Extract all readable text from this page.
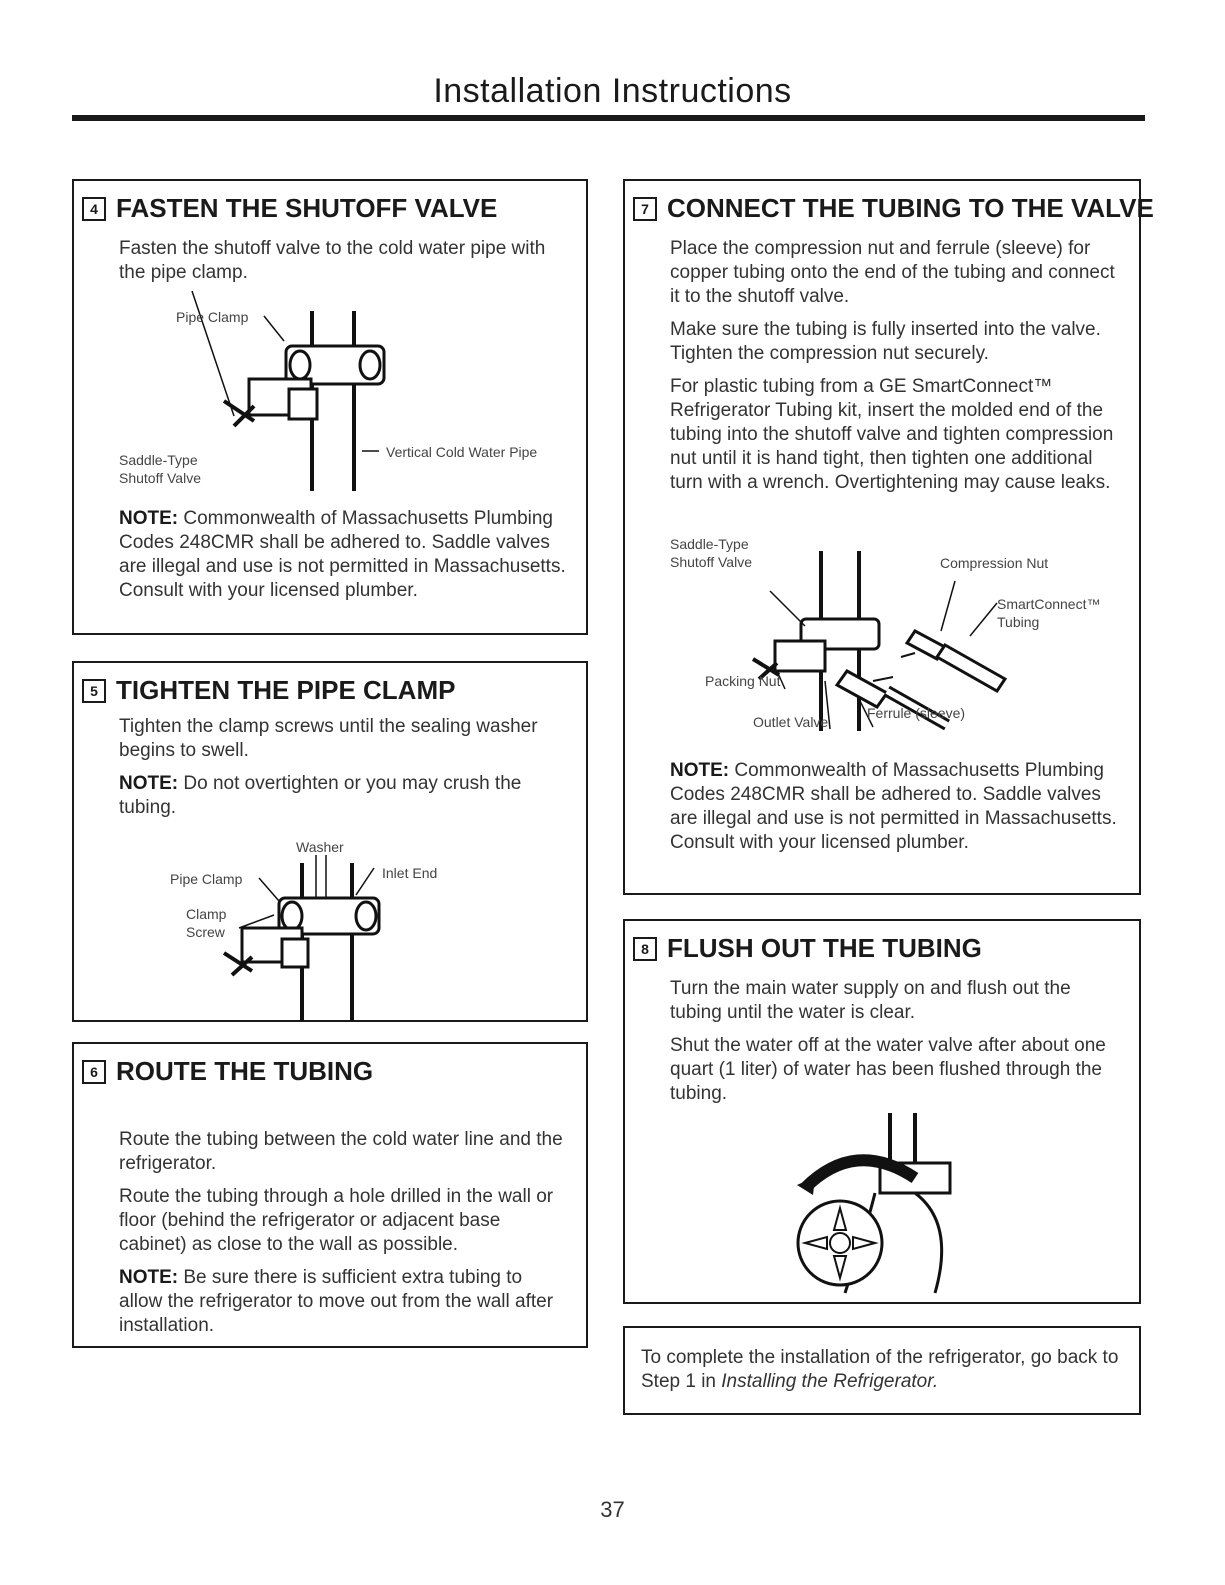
Installation Instructions
4 FASTEN THE SHUTOFF VALVE

Fasten the shutoff valve to the cold water pipe with the pipe clamp.

Pipe Clamp
Saddle-Type Shutoff Valve
Vertical Cold Water Pipe

NOTE: Commonwealth of Massachusetts Plumbing Codes 248CMR shall be adhered to. Saddle valves are illegal and use is not permitted in Massachusetts. Consult with your licensed plumber.

5 TIGHTEN THE PIPE CLAMP

Tighten the clamp screws until the sealing washer begins to swell.

NOTE: Do not overtighten or you may crush the tubing.

Washer
Pipe Clamp	Inlet End
Clamp Screw
6 ROUTE THE TUBING

Route the tubing between the cold water line and the refrigerator.

Route the tubing through a hole drilled in the wall or floor (behind the refrigerator or adjacent base cabinet) as close to the wall as possible.

NOTE: Be sure there is sufficient extra tubing to allow the refrigerator to move out from the wall after installation.

7 CONNECT THE TUBING TO THE VALVE

Place the compression nut and ferrule (sleeve) for copper tubing onto the end of the tubing and connect it to the shutoff valve.

Make sure the tubing is fully inserted into the valve. Tighten the compression nut securely.

For plastic tubing from a GE SmartConnect™ Refrigerator Tubing kit, insert the molded end of the tubing into the shutoff valve and tighten compression nut until it is hand tight, then tighten one additional turn with a wrench. Overtightening may cause leaks.

Saddle-Type Shutoff Valve	Compression Nut
SmartConnect™ Tubing
Packing Nut
Outlet Valve
Ferrule (sleeve)

NOTE: Commonwealth of Massachusetts Plumbing Codes 248CMR shall be adhered to. Saddle valves are illegal and use is not permitted in Massachusetts. Consult with your licensed plumber.

8 FLUSH OUT THE TUBING

Turn the main water supply on and flush out the tubing until the water is clear.

Shut the water off at the water valve after about one quart (1 liter) of water has been flushed through the tubing.

To complete the installation of the refrigerator, go back to Step 1 in Installing the Refrigerator.

37
